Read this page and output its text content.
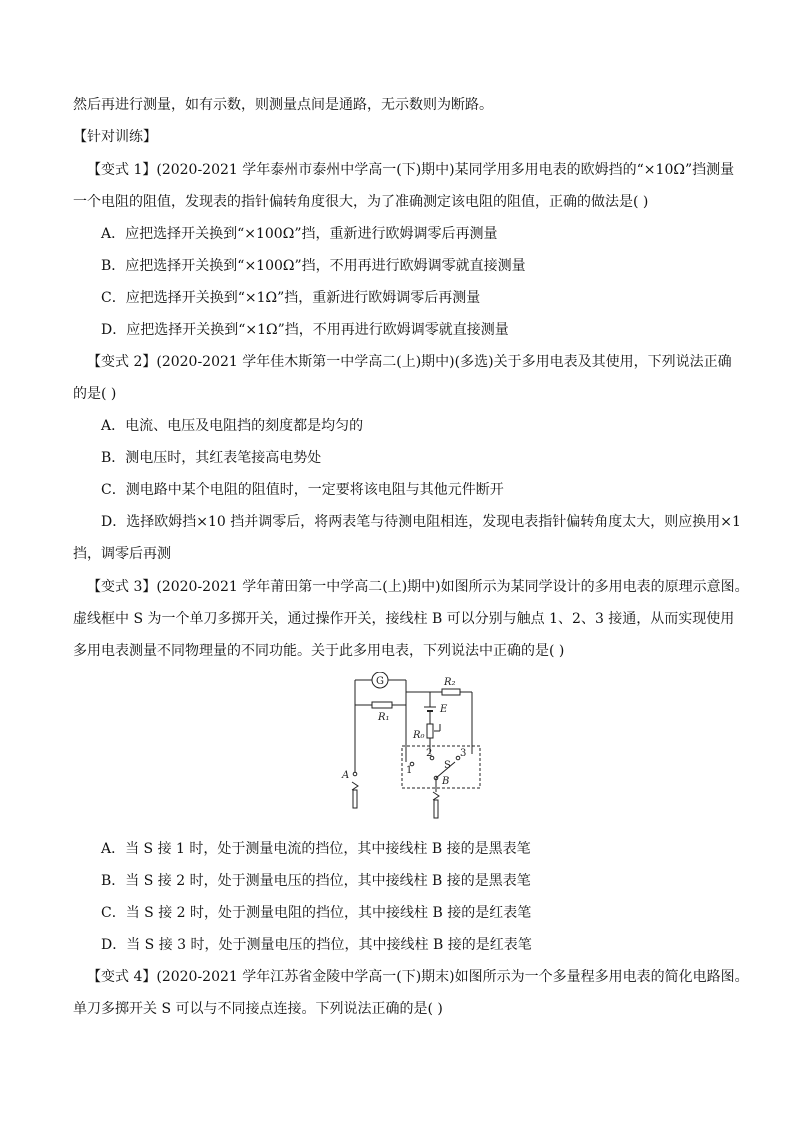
然后再进行测量，如有示数，则测量点间是通路，无示数则为断路。
【针对训练】
【变式 1】(2020-2021 学年泰州市泰州中学高一(下)期中)某同学用多用电表的欧姆挡的“×10Ω”挡测量
一个电阻的阻值，发现表的指针偏转角度很大，为了准确测定该电阻的阻值，正确的做法是( )
A．应把选择开关换到“×100Ω”挡，重新进行欧姆调零后再测量
B．应把选择开关换到“×100Ω”挡，不用再进行欧姆调零就直接测量
C．应把选择开关换到“×1Ω”挡，重新进行欧姆调零后再测量
D．应把选择开关换到“×1Ω”挡，不用再进行欧姆调零就直接测量
【变式 2】(2020-2021 学年佳木斯第一中学高二(上)期中)(多选)关于多用电表及其使用，下列说法正确
的是( )
A．电流、电压及电阻挡的刻度都是均匀的
B．测电压时，其红表笔接高电势处
C．测电路中某个电阻的阻值时，一定要将该电阻与其他元件断开
D．选择欧姆挡×10 挡并调零后，将两表笔与待测电阻相连，发现电表指针偏转角度太大，则应换用×1
挡，调零后再测
【变式 3】(2020-2021 学年莆田第一中学高二(上)期中)如图所示为某同学设计的多用电表的原理示意图。
虚线框中 S 为一个单刀多掷开关，通过操作开关，接线柱 B 可以分别与触点 1、2、3 接通，从而实现使用
多用电表测量不同物理量的不同功能。关于此多用电表，下列说法中正确的是( )
G
R₁
R₂
E
R₀
1
2	3
S
B
A
A．当 S 接 1 时，处于测量电流的挡位，其中接线柱 B 接的是黑表笔
B．当 S 接 2 时，处于测量电压的挡位，其中接线柱 B 接的是黑表笔
C．当 S 接 2 时，处于测量电阻的挡位，其中接线柱 B 接的是红表笔
D．当 S 接 3 时，处于测量电压的挡位，其中接线柱 B 接的是红表笔
【变式 4】(2020-2021 学年江苏省金陵中学高一(下)期末)如图所示为一个多量程多用电表的简化电路图。
单刀多掷开关 S 可以与不同接点连接。下列说法正确的是( )
